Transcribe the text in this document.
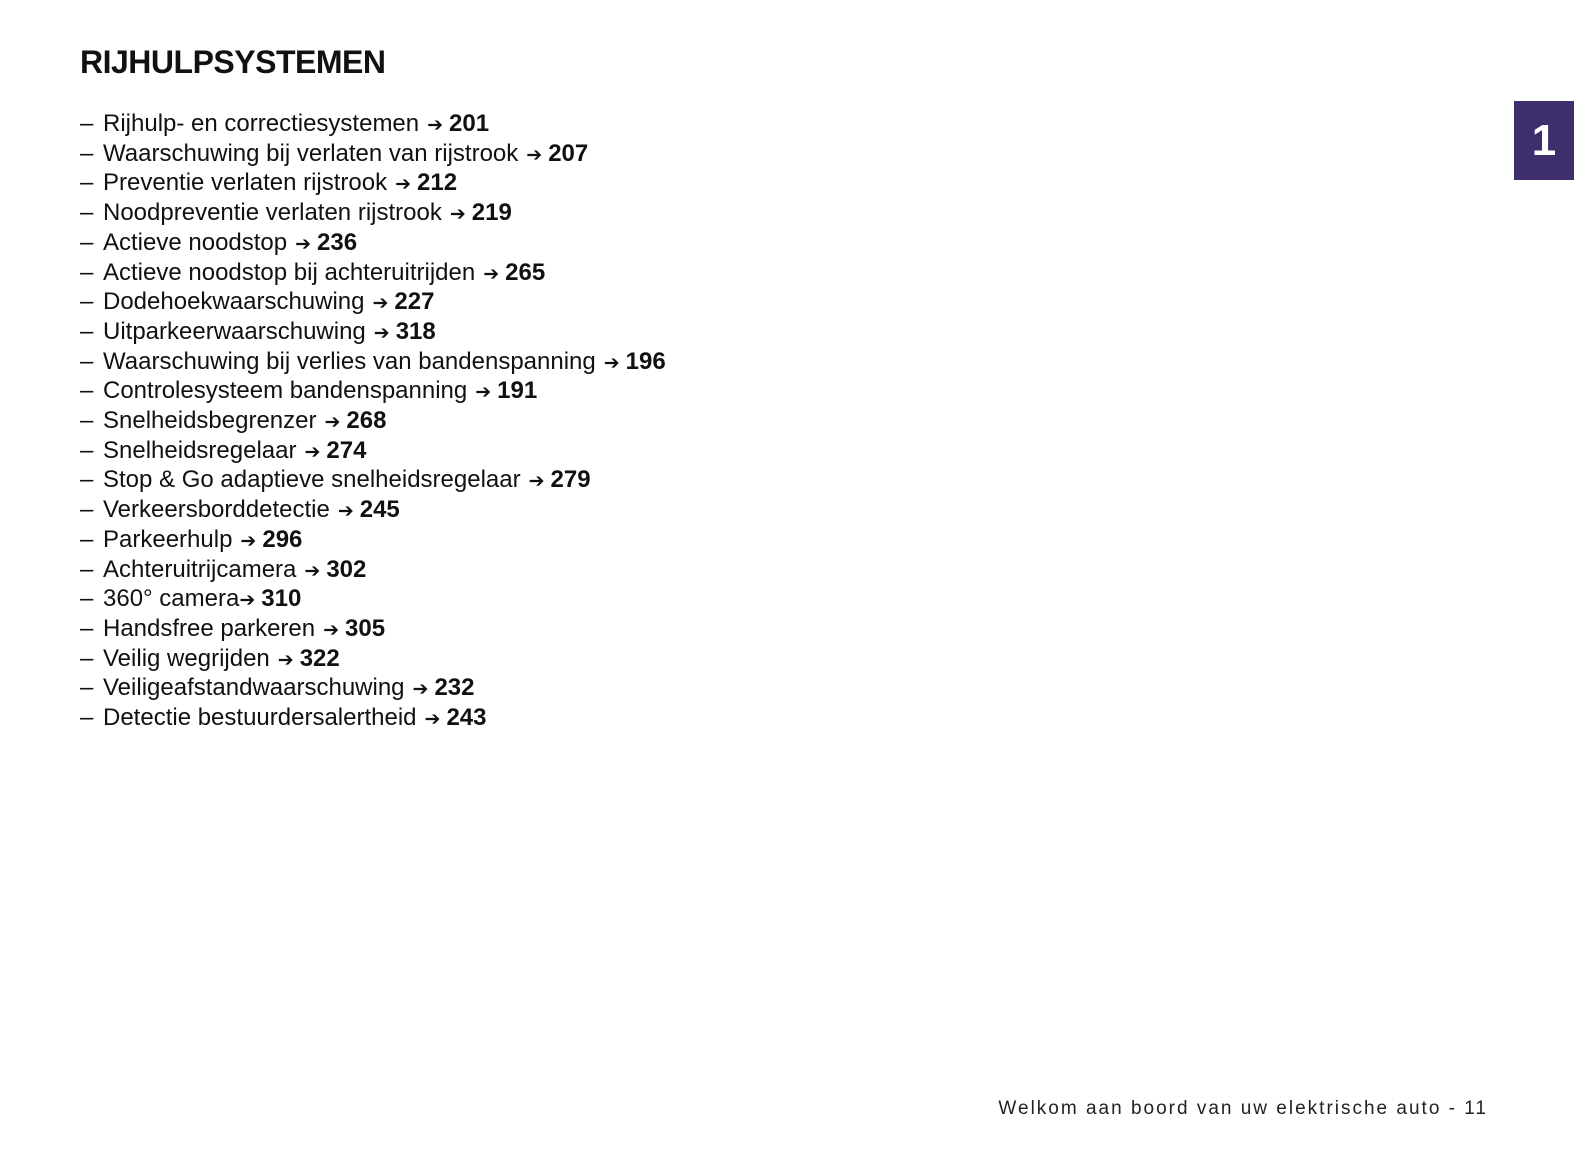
RIJHULPSYSTEMEN
1
– Rijhulp- en correctiesystemen ➔ 201
– Waarschuwing bij verlaten van rijstrook ➔ 207
– Preventie verlaten rijstrook ➔ 212
– Noodpreventie verlaten rijstrook ➔ 219
– Actieve noodstop ➔ 236
– Actieve noodstop bij achteruitrijden ➔ 265
– Dodehoekwaarschuwing ➔ 227
– Uitparkeerwaarschuwing ➔ 318
– Waarschuwing bij verlies van bandenspanning ➔ 196
– Controlesysteem bandenspanning ➔ 191
– Snelheidsbegrenzer ➔ 268
– Snelheidsregelaar ➔ 274
– Stop & Go adaptieve snelheidsregelaar ➔ 279
– Verkeersborddetectie ➔ 245
– Parkeerhulp ➔ 296
– Achteruitrijcamera ➔ 302
– 360° camera ➔ 310
– Handsfree parkeren ➔ 305
– Veilig wegrijden ➔ 322
– Veiligeafstandwaarschuwing ➔ 232
– Detectie bestuurdersalertheid ➔ 243
Welkom aan boord van uw elektrische auto - 11
